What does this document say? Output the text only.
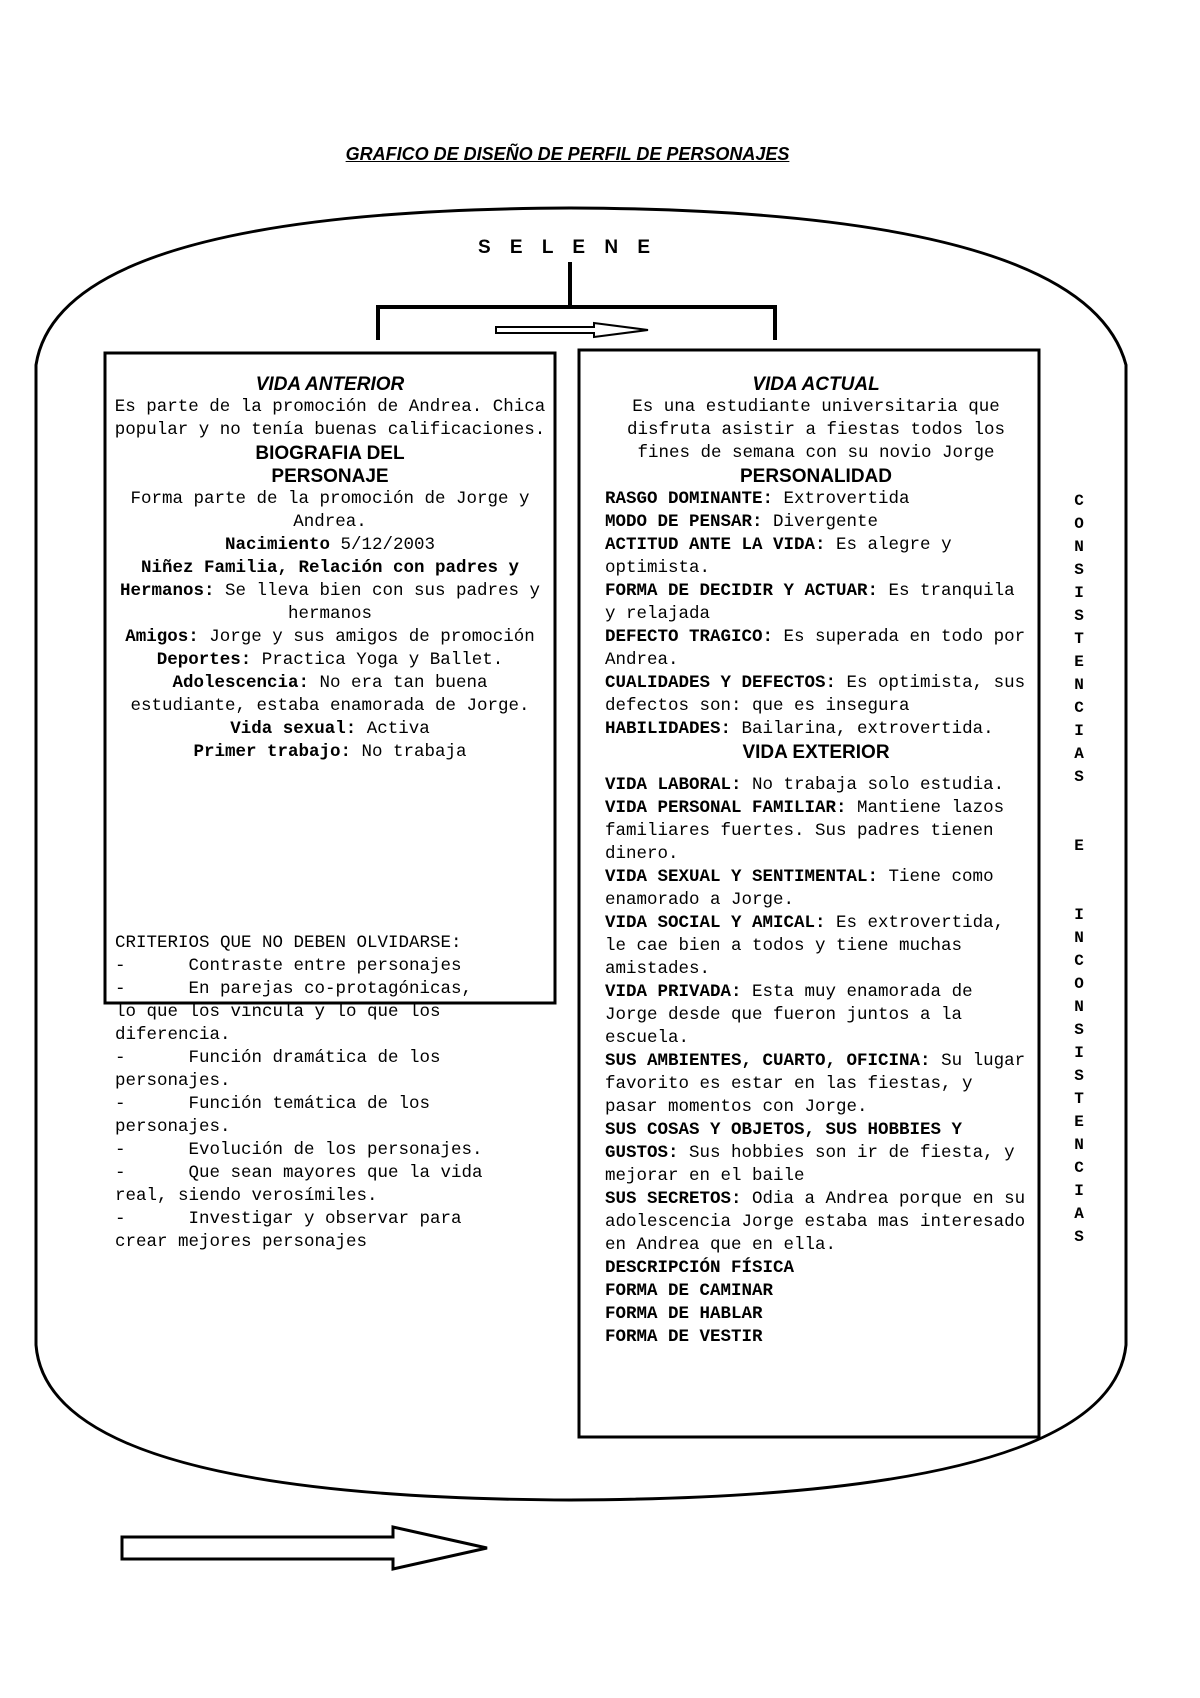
GRAFICO DE DISEÑO DE PERFIL DE PERSONAJES
S E L E N E
VIDA ANTERIOR
Es parte de la promoción de Andrea. Chica popular y no tenía buenas calificaciones.
BIOGRAFIA DEL
PERSONAJE
Forma parte de la promoción de Jorge y Andrea.
Nacimiento 5/12/2003
Niñez Familia, Relación con padres y
Hermanos: Se lleva bien con sus padres y hermanos
Amigos: Jorge y sus amigos de promoción
Deportes: Practica Yoga y Ballet.
Adolescencia: No era tan buena estudiante, estaba enamorada de Jorge.
Vida sexual: Activa
Primer trabajo: No trabaja
CRITERIOS QUE NO DEBEN OLVIDARSE:
-      Contraste entre personajes
-      En parejas co-protagónicas,
lo que los vincula y lo que los diferencia.
-      Función dramática de los
personajes.
-      Función temática de los
personajes.
-      Evolución de los personajes.
-      Que sean mayores que la vida
real, siendo verosímiles.
-      Investigar y observar para
crear mejores personajes
VIDA ACTUAL
Es una estudiante universitaria que disfruta asistir a fiestas todos los fines de semana con su novio Jorge
PERSONALIDAD
RASGO DOMINANTE: Extrovertida
MODO DE PENSAR: Divergente
ACTITUD ANTE LA VIDA: Es alegre y optimista.
FORMA DE DECIDIR Y ACTUAR: Es tranquila y relajada
DEFECTO TRAGICO: Es superada en todo por Andrea.
CUALIDADES Y DEFECTOS: Es optimista, sus defectos son: que es insegura
HABILIDADES: Bailarina, extrovertida.
VIDA EXTERIOR
VIDA LABORAL: No trabaja solo estudia.
VIDA PERSONAL FAMILIAR: Mantiene lazos familiares fuertes. Sus padres tienen dinero.
VIDA SEXUAL Y SENTIMENTAL: Tiene como enamorado a Jorge.
VIDA SOCIAL Y AMICAL: Es extrovertida, le cae bien a todos y tiene muchas amistades.
VIDA PRIVADA: Esta muy enamorada de Jorge desde que fueron juntos a la escuela.
SUS AMBIENTES, CUARTO, OFICINA: Su lugar favorito es estar en las fiestas, y pasar momentos con Jorge.
SUS COSAS Y OBJETOS, SUS HOBBIES Y GUSTOS: Sus hobbies son ir de fiesta, y mejorar en el baile
SUS SECRETOS: Odia a Andrea porque en su adolescencia Jorge estaba mas interesado en Andrea que en ella.
DESCRIPCIÓN FÍSICA
FORMA DE CAMINAR
FORMA DE HABLAR
FORMA DE VESTIR
C
O
N
S
I
S
T
E
N
C
I
A
S
E
I
N
C
O
N
S
I
S
T
E
N
C
I
A
S
